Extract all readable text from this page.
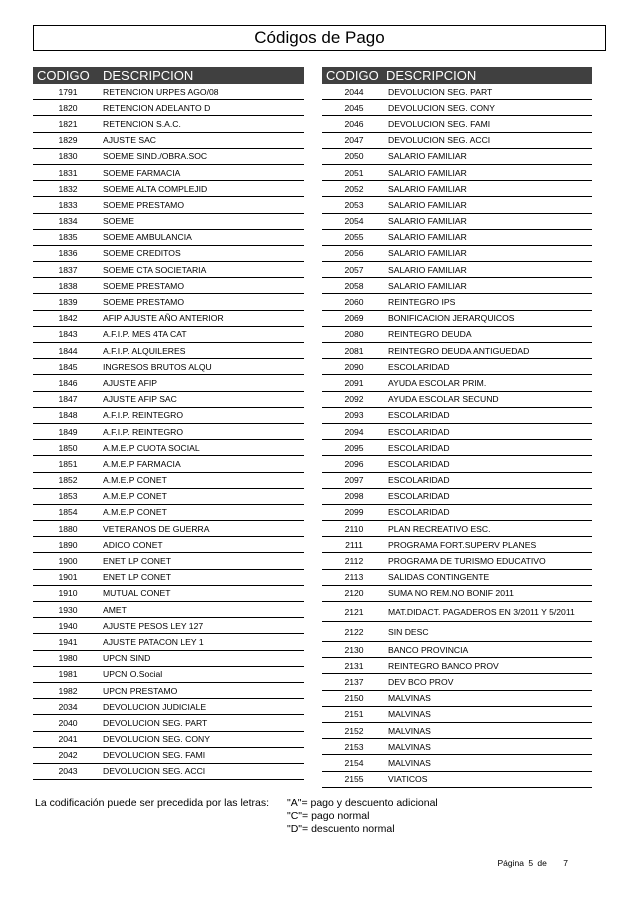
Códigos de Pago
CODIGO	DESCRIPCION
1791	RETENCION URPES AGO/08
1820	RETENCION ADELANTO D
1821	RETENCION S.A.C.
1829	AJUSTE SAC
1830	SOEME SIND./OBRA.SOC
1831	SOEME FARMACIA
1832	SOEME ALTA COMPLEJID
1833	SOEME PRESTAMO
1834	SOEME
1835	SOEME AMBULANCIA
1836	SOEME CREDITOS
1837	SOEME CTA SOCIETARIA
1838	SOEME PRESTAMO
1839	SOEME PRESTAMO
1842	AFIP AJUSTE AÑO ANTERIOR
1843	A.F.I.P. MES 4TA CAT
1844	A.F.I.P. ALQUILERES
1845	INGRESOS BRUTOS ALQU
1846	AJUSTE AFIP
1847	AJUSTE AFIP SAC
1848	A.F.I.P. REINTEGRO
1849	A.F.I.P. REINTEGRO
1850	A.M.E.P CUOTA SOCIAL
1851	A.M.E.P FARMACIA
1852	A.M.E.P CONET
1853	A.M.E.P CONET
1854	A.M.E.P CONET
1880	VETERANOS DE GUERRA
1890	ADICO CONET
1900	ENET LP CONET
1901	ENET LP CONET
1910	MUTUAL CONET
1930	AMET
1940	AJUSTE PESOS LEY 127
1941	AJUSTE PATACON LEY 1
1980	UPCN SIND
1981	UPCN O.Social
1982	UPCN PRESTAMO
2034	DEVOLUCION JUDICIALE
2040	DEVOLUCION SEG. PART
2041	DEVOLUCION SEG. CONY
2042	DEVOLUCION SEG. FAMI
2043	DEVOLUCION SEG. ACCI
CODIGO DESCRIPCION
2044	DEVOLUCION SEG. PART
2045	DEVOLUCION SEG. CONY
2046	DEVOLUCION SEG. FAMI
2047	DEVOLUCION SEG. ACCI
2050	SALARIO FAMILIAR
2051	SALARIO FAMILIAR
2052	SALARIO FAMILIAR
2053	SALARIO FAMILIAR
2054	SALARIO FAMILIAR
2055	SALARIO FAMILIAR
2056	SALARIO FAMILIAR
2057	SALARIO FAMILIAR
2058	SALARIO FAMILIAR
2060	REINTEGRO IPS
2069	BONIFICACION JERARQUICOS
2080	REINTEGRO DEUDA
2081	REINTEGRO DEUDA ANTIGUEDAD
2090	ESCOLARIDAD
2091	AYUDA ESCOLAR PRIM.
2092	AYUDA ESCOLAR SECUND
2093	ESCOLARIDAD
2094	ESCOLARIDAD
2095	ESCOLARIDAD
2096	ESCOLARIDAD
2097	ESCOLARIDAD
2098	ESCOLARIDAD
2099	ESCOLARIDAD
2110	PLAN RECREATIVO ESC.
2111	PROGRAMA FORT.SUPERV PLANES
2112	PROGRAMA DE TURISMO EDUCATIVO
2113	SALIDAS CONTINGENTE
2120	SUMA NO REM.NO BONIF 2011
2121	MAT.DIDACT. PAGADEROS EN 3/2011 Y 5/2011
2122	SIN DESC
2130	BANCO PROVINCIA
2131	REINTEGRO BANCO PROV
2137	DEV BCO PROV
2150	MALVINAS
2151	MALVINAS
2152	MALVINAS
2153	MALVINAS
2154	MALVINAS
2155	VIATICOS
La codificación puede ser precedida por las letras: "A"= pago y descuento adicional
"C"= pago normal
"D"= descuento normal
Página 5 de 7
